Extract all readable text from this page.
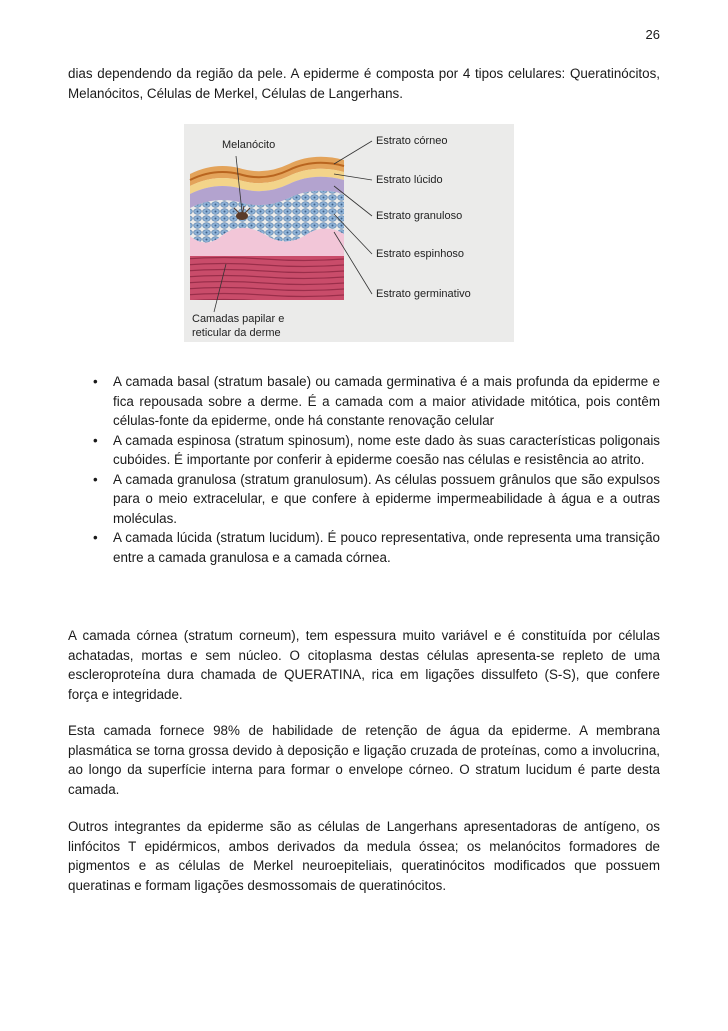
26

dias dependendo da região da pele. A epiderme é composta por 4 tipos celulares: Queratinócitos, Melanócitos, Células de Merkel, Células de Langerhans.

Melanócito	Estrato córneo
Estrato lúcido
Estrato granuloso
Estrato espinhoso
Estrato germinativo
Camadas papilar e
reticular da derme
• A camada basal (stratum basale) ou camada germinativa é a mais profunda da epiderme e fica repousada sobre a derme. É a camada com a maior atividade mitótica, pois contêm células-fonte da epiderme, onde há constante renovação celular
• A camada espinosa (stratum spinosum), nome este dado às suas características poligonais cubóides. É importante por conferir à epiderme coesão nas células e resistência ao atrito.
• A camada granulosa (stratum granulosum). As células possuem grânulos que são expulsos para o meio extracelular, e que confere à epiderme impermeabilidade à água e a outras moléculas.
• A camada lúcida (stratum lucidum). É pouco representativa, onde representa uma transição entre a camada granulosa e a camada córnea.

A camada córnea (stratum corneum), tem espessura muito variável e é constituída por células achatadas, mortas e sem núcleo. O citoplasma destas células apresenta-se repleto de uma escleroproteína dura chamada de QUERATINA, rica em ligações dissulfeto (S-S), que confere força e integridade.

Esta camada fornece 98% de habilidade de retenção de água da epiderme. A membrana plasmática se torna grossa devido à deposição e ligação cruzada de proteínas, como a involucrina, ao longo da superfície interna para formar o envelope córneo. O stratum lucidum é parte desta camada.

Outros integrantes da epiderme são as células de Langerhans apresentadoras de antígeno, os linfócitos T epidérmicos, ambos derivados da medula óssea; os melanócitos formadores de pigmentos e as células de Merkel neuroepiteliais, queratinócitos modificados que possuem queratinas e formam ligações desmossomais de queratinócitos.
